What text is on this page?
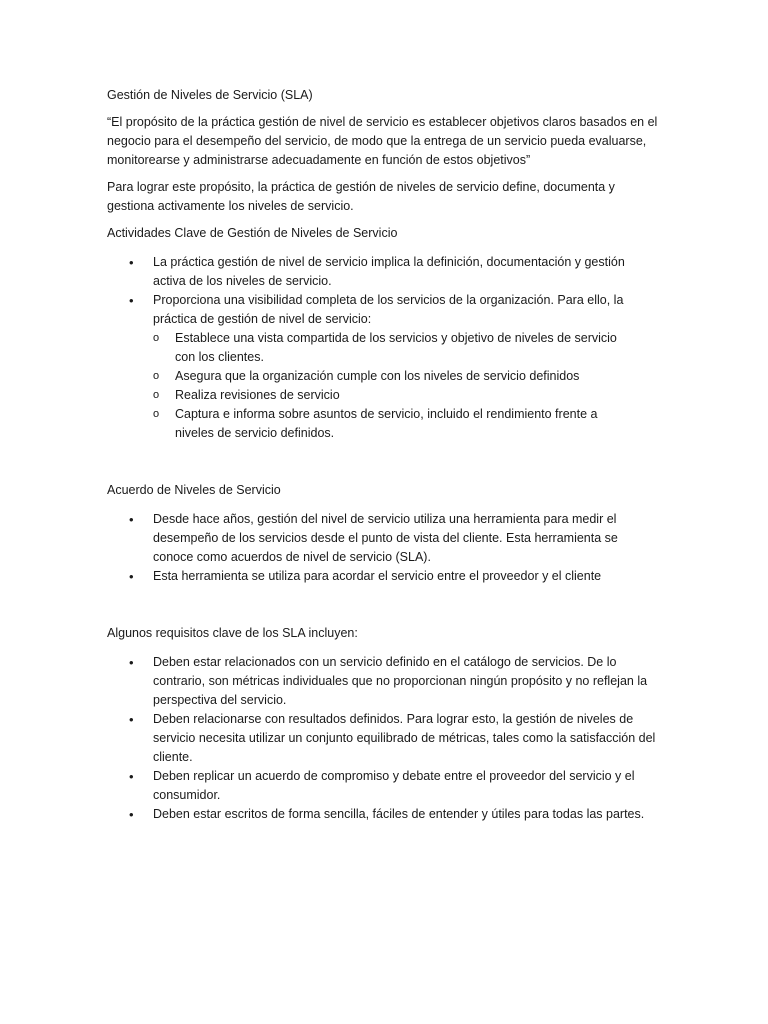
Gestión de Niveles de Servicio (SLA)

“El propósito de la práctica gestión de nivel de servicio es establecer objetivos claros basados en el negocio para el desempeño del servicio, de modo que la entrega de un servicio pueda evaluarse, monitorearse y administrarse adecuadamente en función de estos objetivos”

Para lograr este propósito, la práctica de gestión de niveles de servicio define, documenta y gestiona activamente los niveles de servicio.

Actividades Clave de Gestión de Niveles de Servicio

• La práctica gestión de nivel de servicio implica la definición, documentación y gestión activa de los niveles de servicio.
• Proporciona una visibilidad completa de los servicios de la organización. Para ello, la práctica de gestión de nivel de servicio:
o Establece una vista compartida de los servicios y objetivo de niveles de servicio con los clientes.
o Asegura que la organización cumple con los niveles de servicio definidos
o Realiza revisiones de servicio
o Captura e informa sobre asuntos de servicio, incluido el rendimiento frente a niveles de servicio definidos.

Acuerdo de Niveles de Servicio

• Desde hace años, gestión del nivel de servicio utiliza una herramienta para medir el desempeño de los servicios desde el punto de vista del cliente. Esta herramienta se conoce como acuerdos de nivel de servicio (SLA).
• Esta herramienta se utiliza para acordar el servicio entre el proveedor y el cliente

Algunos requisitos clave de los SLA incluyen:

• Deben estar relacionados con un servicio definido en el catálogo de servicios. De lo contrario, son métricas individuales que no proporcionan ningún propósito y no reflejan la perspectiva del servicio.
• Deben relacionarse con resultados definidos. Para lograr esto, la gestión de niveles de servicio necesita utilizar un conjunto equilibrado de métricas, tales como la satisfacción del cliente.
• Deben replicar un acuerdo de compromiso y debate entre el proveedor del servicio y el consumidor.
• Deben estar escritos de forma sencilla, fáciles de entender y útiles para todas las partes.
